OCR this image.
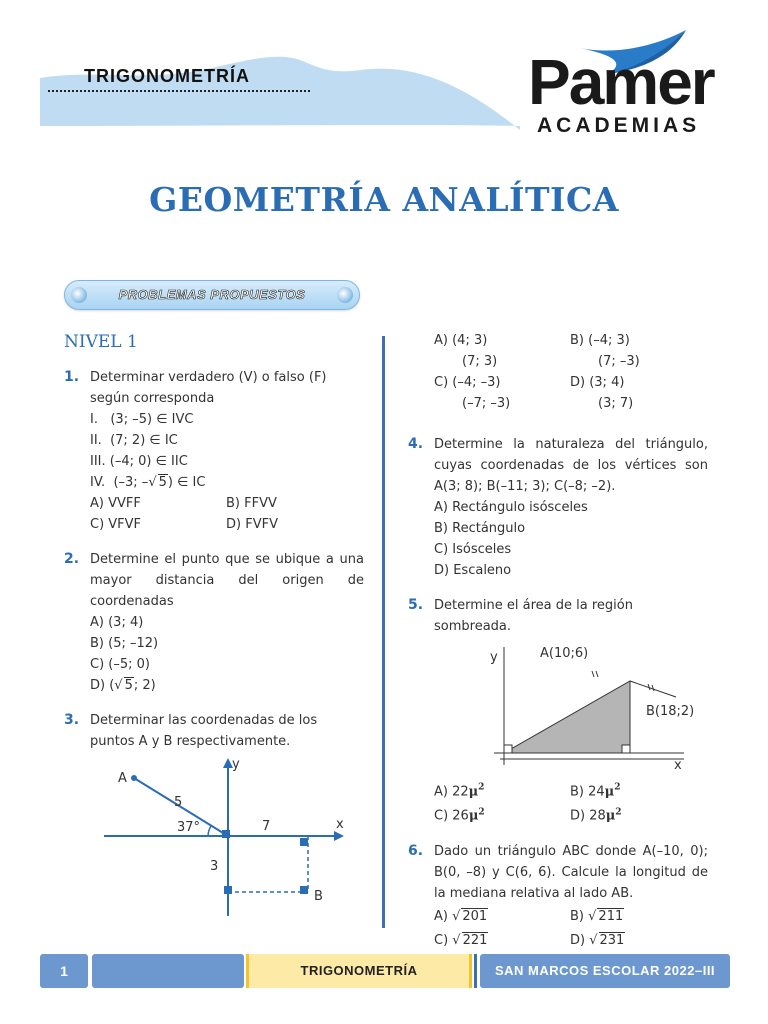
TRIGONOMETRÍA	Pamer
ACADEMIAS
GEOMETRÍA ANALÍTICA
PROBLEMAS PROPUESTOS
NIVEL 1
1. Determinar verdadero (V) o falso (F) según corresponda
I.   (3; –5) ∈ IVC
II.  (7; 2) ∈ IC
III. (–4; 0) ∈ IIC
IV.  (–3; –√ 5) ∈ IC
A) VVFF	B) FFVV
C) VFVF	D) FVFV
2. Determine el punto que se ubique a una mayor distancia del origen de coordenadas
A) (3; 4)
B) (5; –12)
C) (–5; 0)
D) (√ 5; 2)
3. Determinar las coordenadas de los puntos A y B respectivamente.
A
B
x
y
5
37°	7
3
A) (4; 3)	B) (–4; 3)
(7; 3)	(7; –3)
C) (–4; –3)	D) (3; 4)
(–7; –3)	(3; 7)
4. Determine la naturaleza del triángulo, cuyas coordenadas de los vértices son A(3; 8); B(–11; 3); C(–8; –2).
A) Rectángulo isósceles
B) Rectángulo
C) Isósceles
D) Escaleno
5. Determine el área de la región sombreada.
A(10;6)
B(18;2)
y
x
A) $22\mu^2$	B) $24\mu^2$
C) $26\mu^2$	D) $28\mu^2$
6. Dado un triángulo ABC donde A(–10, 0); B(0, –8) y C(6, 6). Calcule la longitud de la mediana relativa al lado AB.
A) √ 201	B) √ 211
C) √ 221	D) √ 231
1	TRIGONOMETRÍA	SAN MARCOS ESCOLAR 2022–III
